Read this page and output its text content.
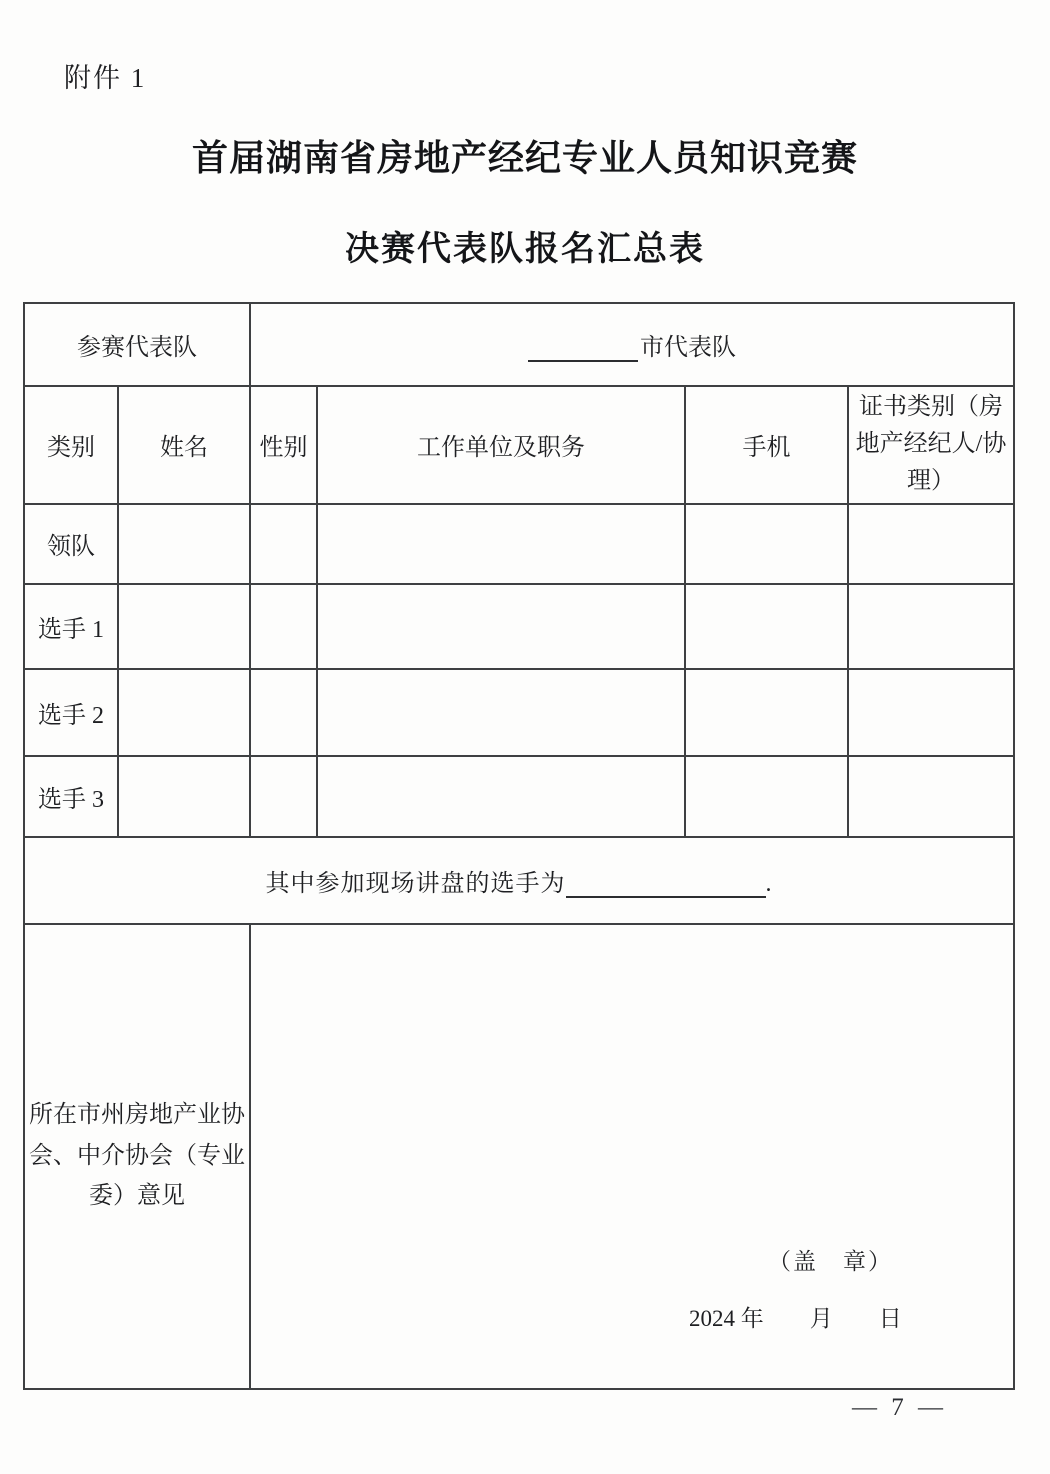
附件 1
首届湖南省房地产经纪专业人员知识竞赛
决赛代表队报名汇总表
参赛代表队		市代表队			
类别	姓名	性别	工作单位及职务	手机	证书类别（房地产经纪人/协理）
领队					
选手 1					
选手 2					
选手 3					
其中参加现场讲盘的选手为 .					
所在市州房地产业协会、中介协会（专业委）意见		（盖　章）
2024 年　　月　　日			
— 7 —
